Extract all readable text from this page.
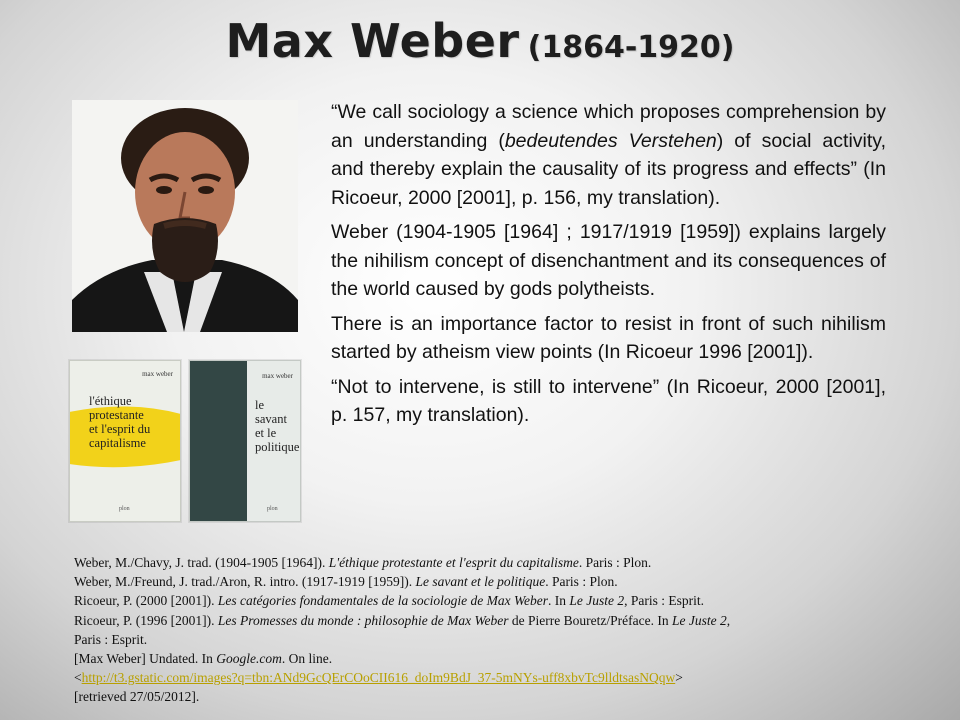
Max Weber (1864-1920)
max weber
l'éthique
protestante
et l'esprit du
capitalisme
plon
max weber
le
savant
et le
politique
plon

“We call sociology a science which proposes comprehension by an understanding (bedeutendes Verstehen) of social activity, and thereby explain the causality of its progress and effects” (In Ricoeur, 2000 [2001], p. 156, my translation).

Weber (1904-1905 [1964] ; 1917/1919 [1959]) explains largely the nihilism concept of disenchantment and its consequences of the world caused by gods polytheists.

There is an importance factor to resist in front of such nihilism started by atheism view points (In Ricoeur 1996 [2001]).

“Not to intervene, is still to intervene” (In Ricoeur, 2000 [2001], p. 157, my translation).

Weber, M./Chavy, J. trad. (1904-1905 [1964]). L'éthique protestante et l'esprit du capitalisme. Paris : Plon.
Weber, M./Freund, J. trad./Aron, R. intro. (1917-1919 [1959]). Le savant et le politique. Paris : Plon.
Ricoeur, P. (2000 [2001]). Les catégories fondamentales de la sociologie de Max Weber. In Le Juste 2, Paris : Esprit.
Ricoeur, P. (1996 [2001]). Les Promesses du monde : philosophie de Max Weber de Pierre Bouretz/Préface. In Le Juste 2,
Paris : Esprit.
[Max Weber] Undated. In Google.com. On line.
<http://t3.gstatic.com/images?q=tbn:ANd9GcQErCOoCII616_doIm9BdJ_37-5mNYs-uff8xbvTc9lldtsasNQqw>
[retrieved 27/05/2012].
